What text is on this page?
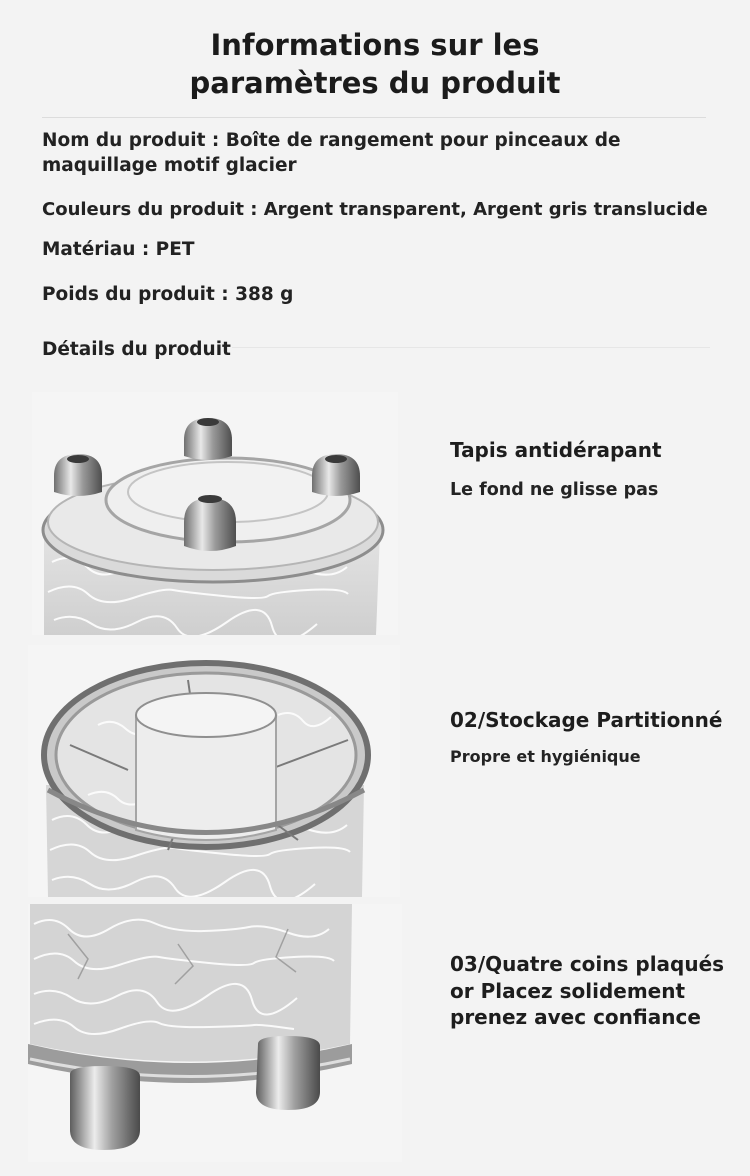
Informations sur les
paramètres du produit
Nom du produit : Boîte de rangement pour pinceaux de
maquillage motif glacier
Couleurs du produit : Argent transparent, Argent gris translucide
Matériau : PET
Poids du produit : 388 g
Détails du produit
Tapis antidérapant
Le fond ne glisse pas
02/Stockage Partitionné
Propre et hygiénique
03/Quatre coins plaqués
or Placez solidement
prenez avec confiance
